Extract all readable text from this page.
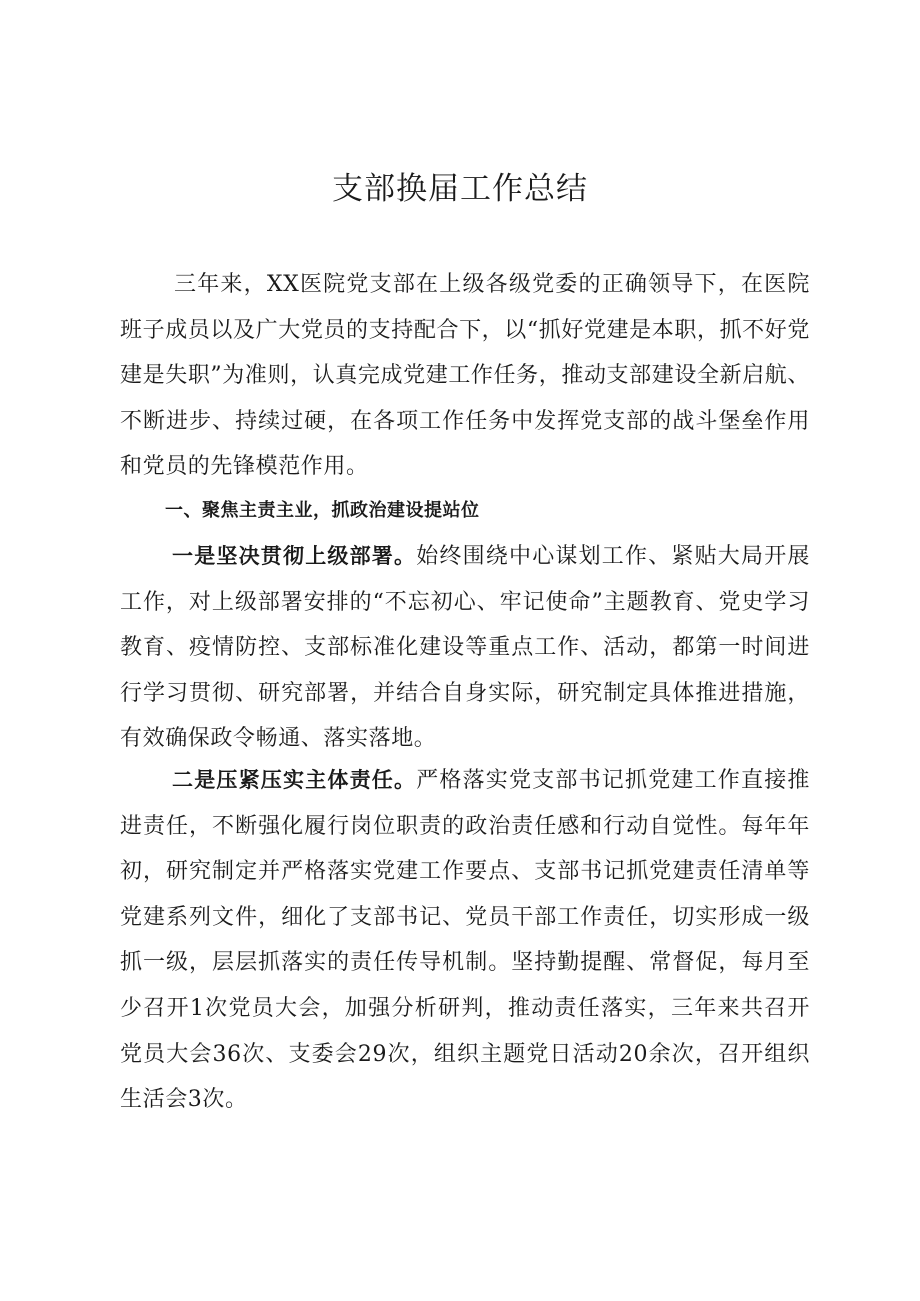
支部换届工作总结

三年来，XX医院党支部在上级各级党委的正确领导下，在医院班子成员以及广大党员的支持配合下，以“抓好党建是本职，抓不好党建是失职”为准则，认真完成党建工作任务，推动支部建设全新启航、不断进步、持续过硬，在各项工作任务中发挥党支部的战斗堡垒作用和党员的先锋模范作用。

一、聚焦主责主业，抓政治建设提站位

一是坚决贯彻上级部署。始终围绕中心谋划工作、紧贴大局开展工作，对上级部署安排的“不忘初心、牢记使命”主题教育、党史学习教育、疫情防控、支部标准化建设等重点工作、活动，都第一时间进行学习贯彻、研究部署，并结合自身实际，研究制定具体推进措施，有效确保政令畅通、落实落地。

二是压紧压实主体责任。严格落实党支部书记抓党建工作直接推进责任，不断强化履行岗位职责的政治责任感和行动自觉性。每年年初，研究制定并严格落实党建工作要点、支部书记抓党建责任清单等党建系列文件，细化了支部书记、党员干部工作责任，切实形成一级抓一级，层层抓落实的责任传导机制。坚持勤提醒、常督促，每月至少召开1次党员大会，加强分析研判，推动责任落实，三年来共召开党员大会36次、支委会29次，组织主题党日活动20余次，召开组织生活会3次。
